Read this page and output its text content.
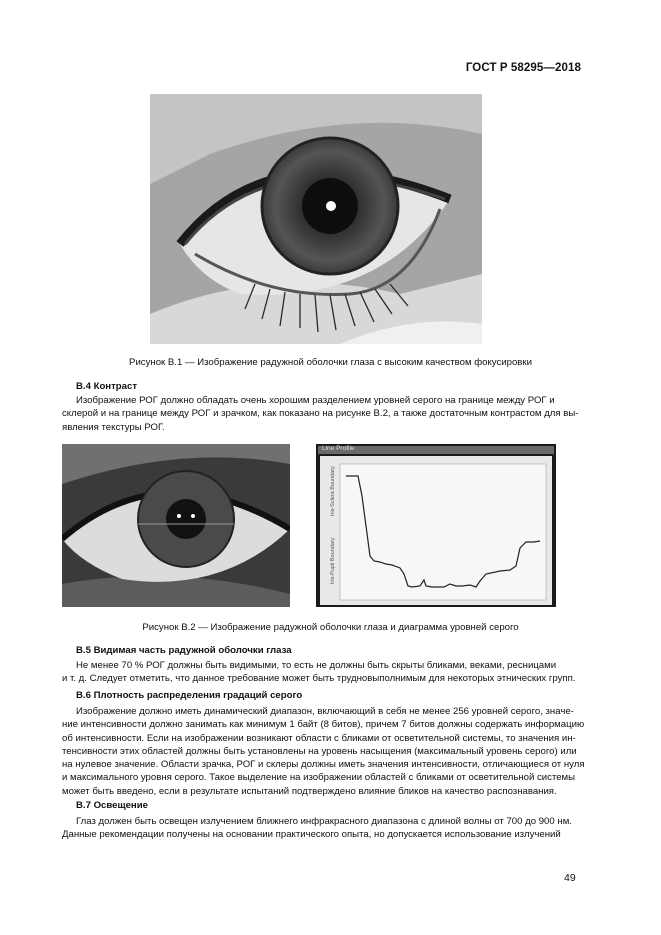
ГОСТ Р 58295—2018
Рисунок В.1 — Изображение радужной оболочки глаза с высоким качеством фокусировки
В.4 Контраст

Изображение РОГ должно обладать очень хорошим разделением уровней серого на границе между РОГ и

склерой и на границе между РОГ и зрачком, как показано на рисунке В.2, а также достаточным контрастом для вы-

явления текстуры РОГ.

Line Profile
Iris-Sclera Boundary
Iris-Pupil Boundary
Рисунок В.2 — Изображение радужной оболочки глаза и диаграмма уровней серого
В.5 Видимая часть радужной оболочки глаза

Не менее 70 % РОГ должны быть видимыми, то есть не должны быть скрыты бликами, веками, ресницами

и т. д. Следует отметить, что данное требование может быть трудновыполнимым для некоторых этнических групп.

В.6 Плотность распределения градаций серого

Изображение должно иметь динамический диапазон, включающий в себя не менее 256 уровней серого, значе-

ние интенсивности должно занимать как минимум 1 байт (8 битов), причем 7 битов должны содержать информацию

об интенсивности. Если на изображении возникают области с бликами от осветительной системы, то значения ин-

тенсивности этих областей должны быть установлены на уровень насыщения (максимальный уровень серого) или

на нулевое значение. Области зрачка, РОГ и склеры должны иметь значения интенсивности, отличающиеся от нуля

и максимального уровня серого. Такое выделение на изображении областей с бликами от осветительной системы

может быть введено, если в результате испытаний подтверждено влияние бликов на качество распознавания.

В.7 Освещение

Глаз должен быть освещен излучением ближнего инфракрасного диапазона с длиной волны от 700 до 900 нм.

Данные рекомендации получены на основании практического опыта, но допускается использование излучений

49
